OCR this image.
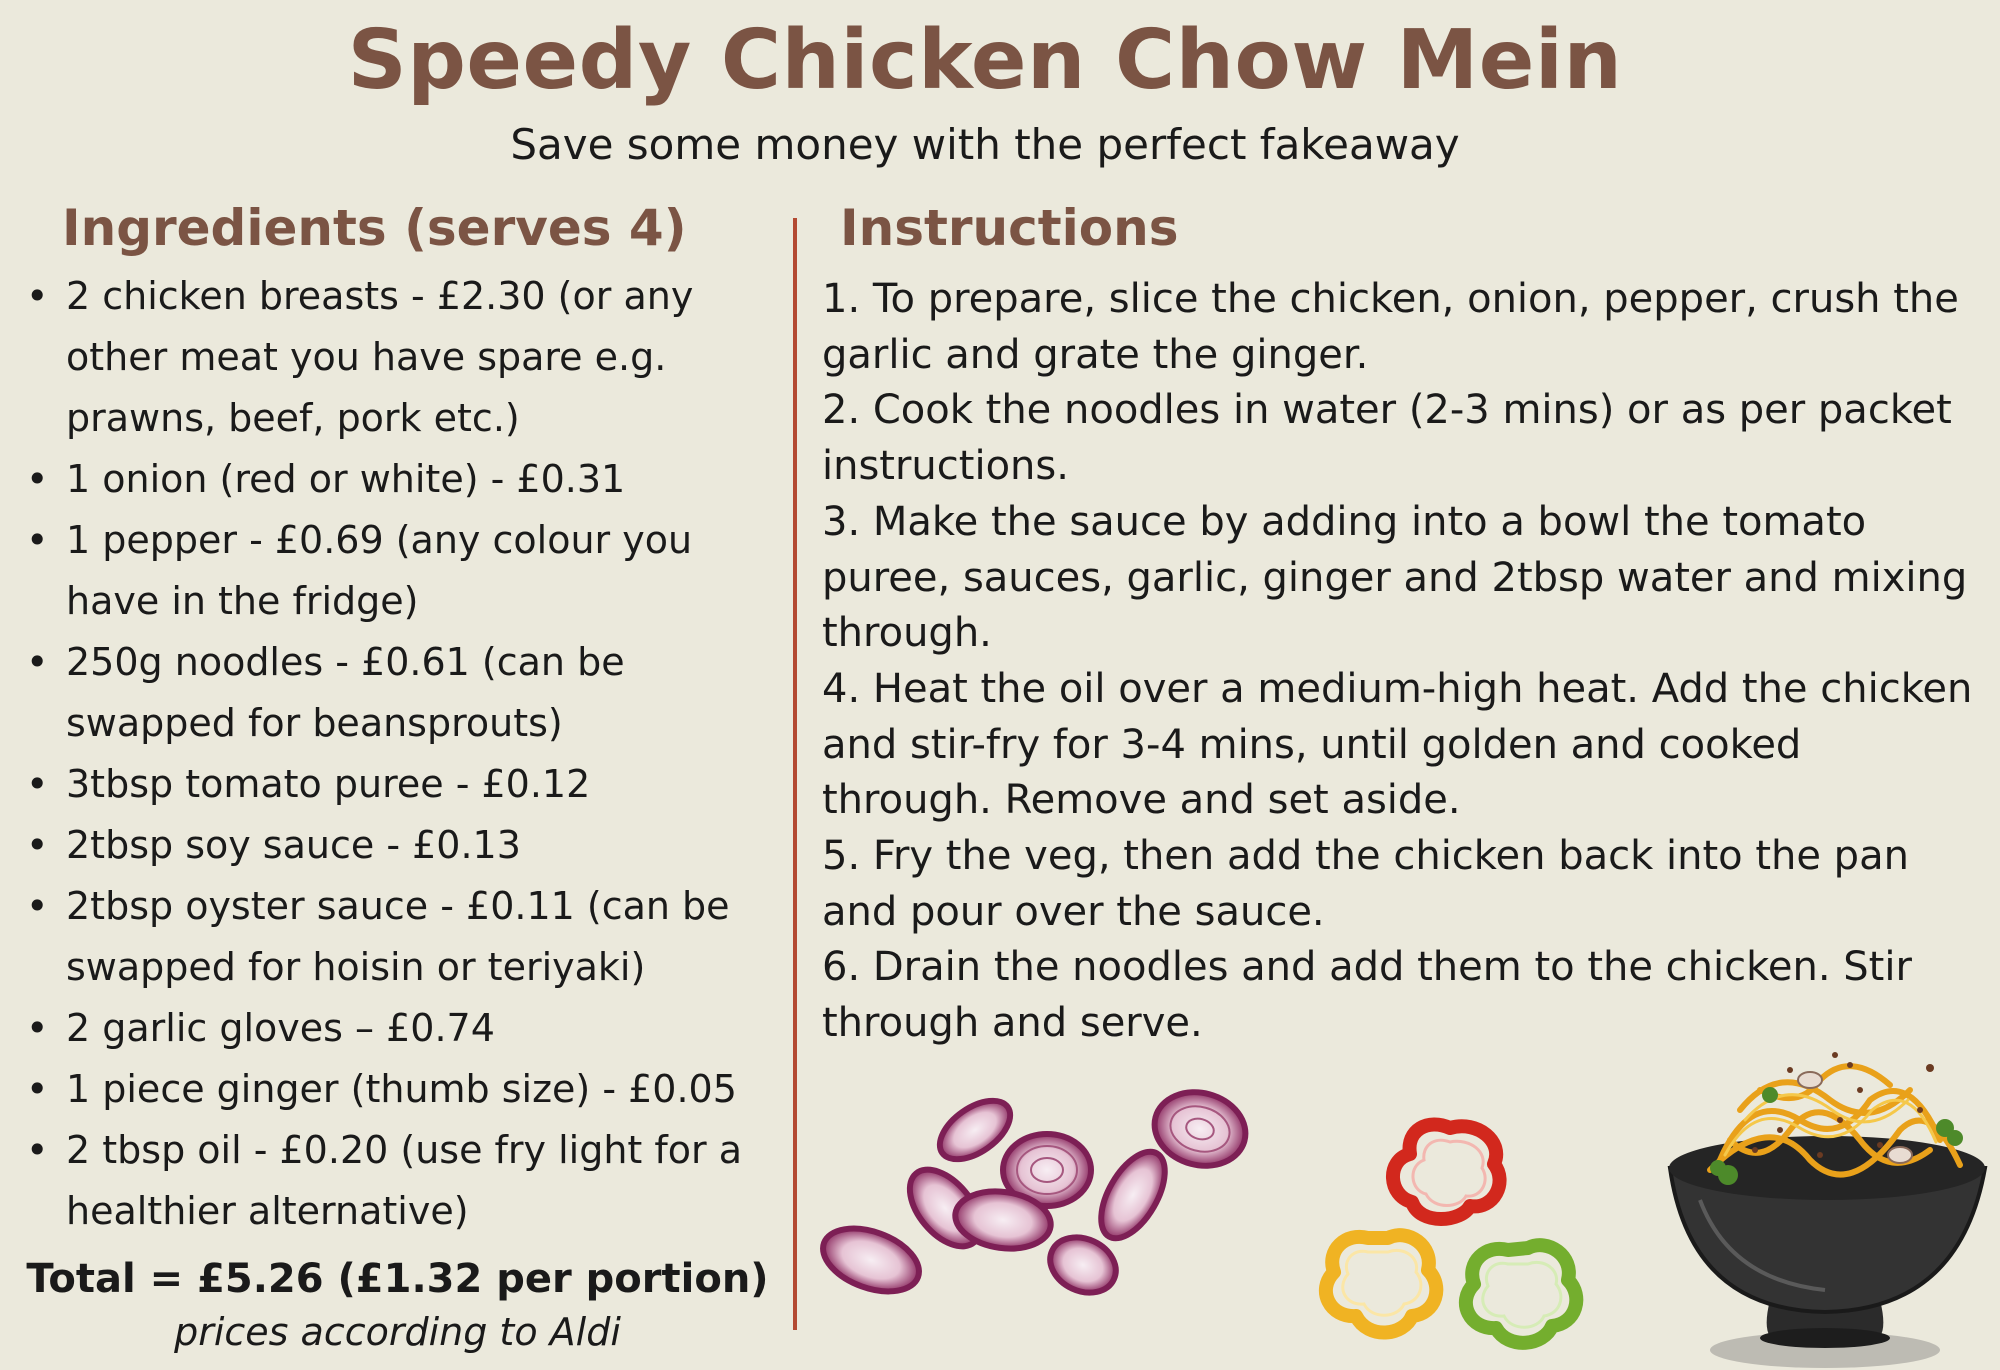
Speedy Chicken Chow Mein
Save some money with the perfect fakeaway
Ingredients (serves 4)
• 2 chicken breasts - £2.30 (or any other meat you have spare e.g. prawns, beef, pork etc.)
• 1 onion (red or white) - £0.31
• 1 pepper - £0.69 (any colour you have in the fridge)
• 250g noodles - £0.61 (can be swapped for beansprouts)
• 3tbsp tomato puree - £0.12
• 2tbsp soy sauce - £0.13
• 2tbsp oyster sauce - £0.11 (can be swapped for hoisin or teriyaki)
• 2 garlic gloves – £0.74
• 1 piece ginger (thumb size) - £0.05
• 2 tbsp oil - £0.20 (use fry light for a healthier alternative)
Total = £5.26 (£1.32 per portion)
prices according to Aldi
Instructions
1. To prepare, slice the chicken, onion, pepper, crush the garlic and grate the ginger.
2. Cook the noodles in water (2-3 mins) or as per packet instructions.
3. Make the sauce by adding into a bowl the tomato puree, sauces, garlic, ginger and 2tbsp water and mixing through.
4. Heat the oil over a medium-high heat. Add the chicken and stir-fry for 3-4 mins, until golden and cooked through. Remove and set aside.
5. Fry the veg, then add the chicken back into the pan and pour over the sauce.
6. Drain the noodles and add them to the chicken. Stir through and serve.
